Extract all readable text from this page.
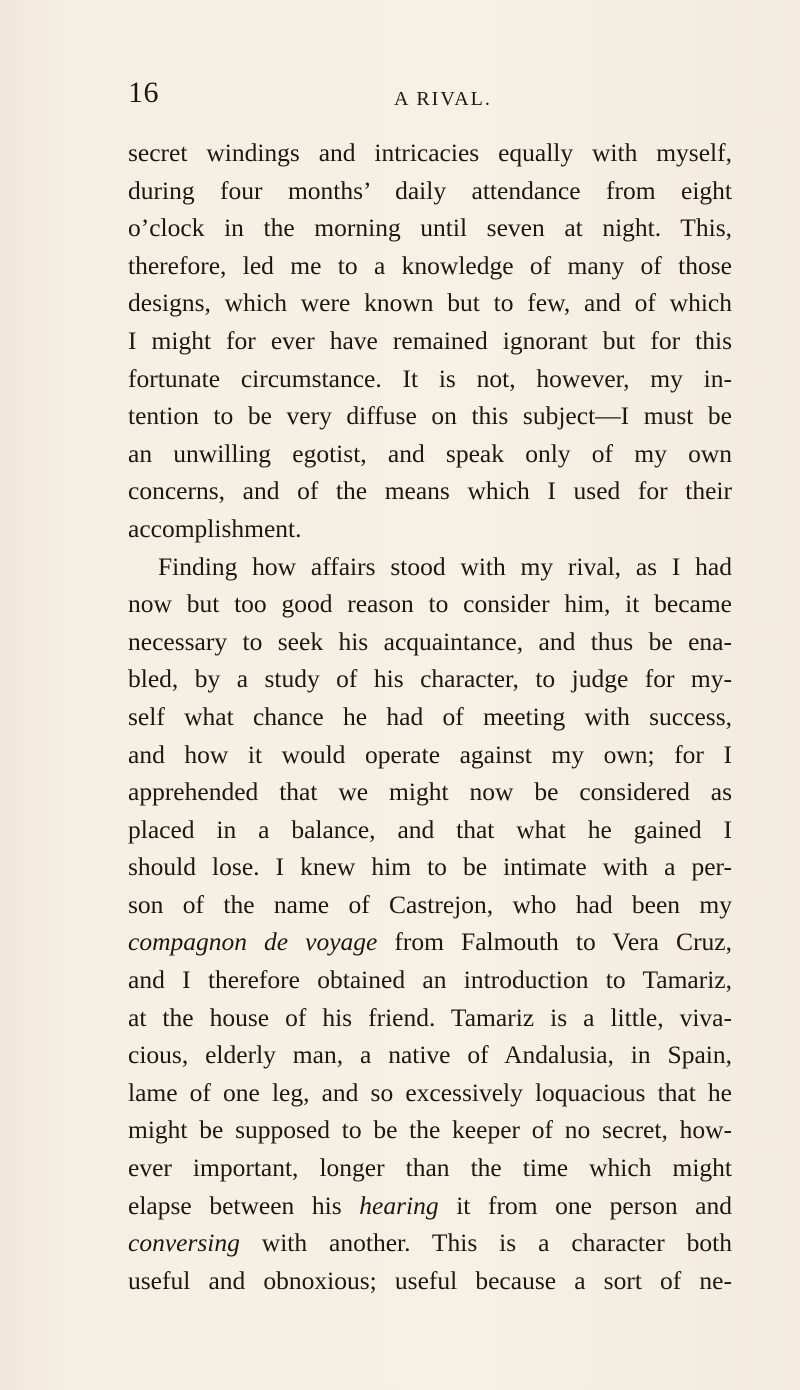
16	A RIVAL.
secret windings and intricacies equally with myself,
during four months’ daily attendance from eight
o’clock in the morning until seven at night. This,
therefore, led me to a knowledge of many of those
designs, which were known but to few, and of which
I might for ever have remained ignorant but for this
fortunate circumstance. It is not, however, my in-
tention to be very diffuse on this subject—I must be
an unwilling egotist, and speak only of my own
concerns, and of the means which I used for their
accomplishment.
Finding how affairs stood with my rival, as I had
now but too good reason to consider him, it became
necessary to seek his acquaintance, and thus be ena-
bled, by a study of his character, to judge for my-
self what chance he had of meeting with success,
and how it would operate against my own; for I
apprehended that we might now be considered as
placed in a balance, and that what he gained I
should lose. I knew him to be intimate with a per-
son of the name of Castrejon, who had been my
compagnon de voyage from Falmouth to Vera Cruz,
and I therefore obtained an introduction to Tamariz,
at the house of his friend. Tamariz is a little, viva-
cious, elderly man, a native of Andalusia, in Spain,
lame of one leg, and so excessively loquacious that he
might be supposed to be the keeper of no secret, how-
ever important, longer than the time which might
elapse between his hearing it from one person and
conversing with another. This is a character both
useful and obnoxious; useful because a sort of ne-
